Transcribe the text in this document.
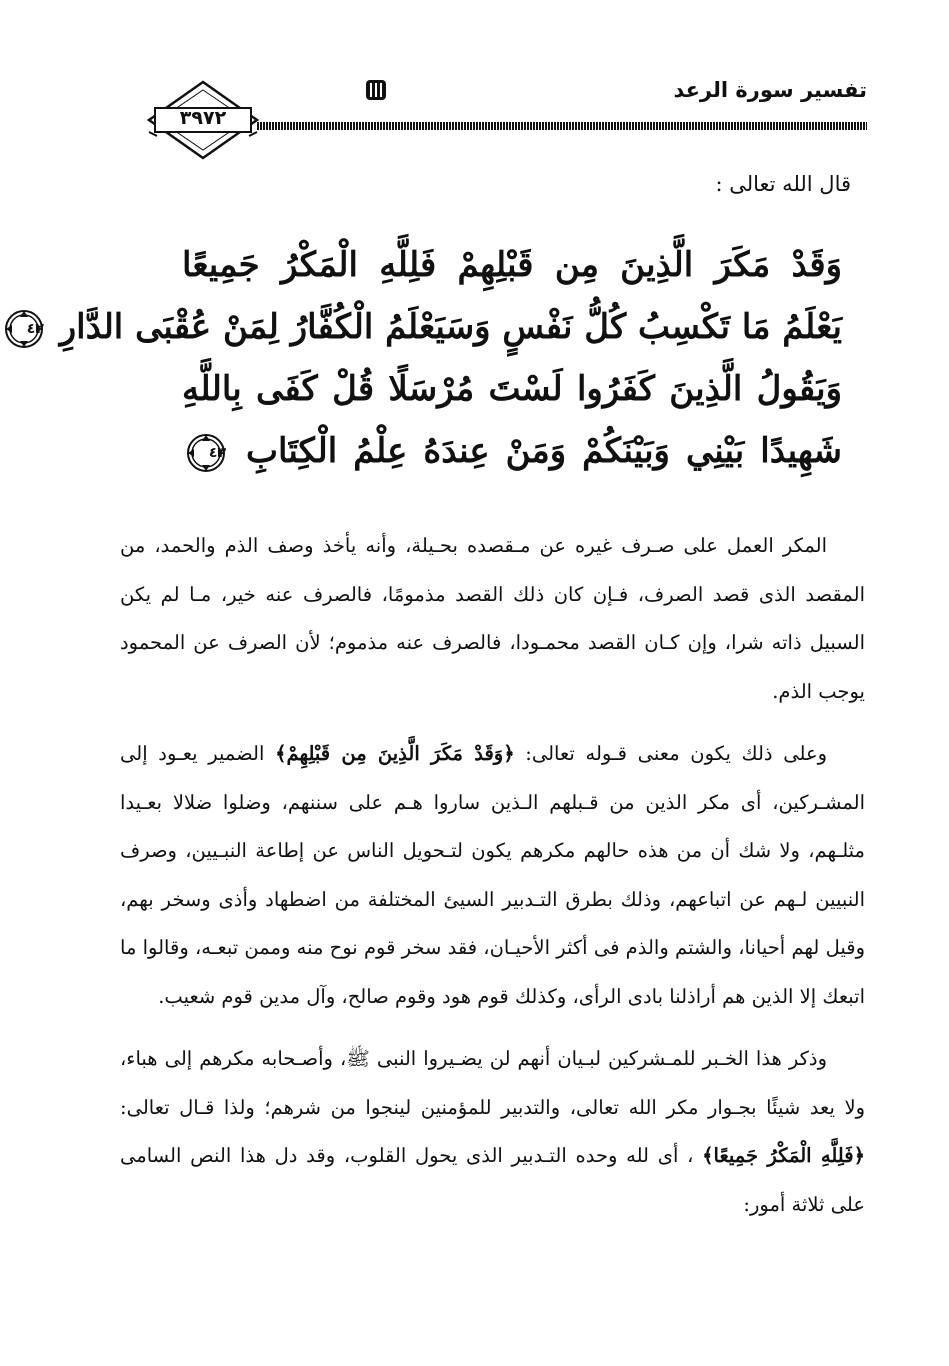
تفسير سورة الرعد
٣٩٧٢
قال الله تعالى :
وَقَدْ مَكَرَ الَّذِينَ مِن قَبْلِهِمْ فَلِلَّهِ الْمَكْرُ جَمِيعًا
يَعْلَمُ مَا تَكْسِبُ كُلُّ نَفْسٍ وَسَيَعْلَمُ الْكُفَّارُ لِمَنْ عُقْبَى الدَّارِ
٤٢
وَيَقُولُ الَّذِينَ كَفَرُوا لَسْتَ مُرْسَلًا قُلْ كَفَى بِاللَّهِ
شَهِيدًا بَيْنِي وَبَيْنَكُمْ وَمَنْ عِندَهُ عِلْمُ الْكِتَابِ
٤٣

المكر العمل على صـرف غيره عن مـقصده بحـيلة، وأنه يأخذ وصف الذم والحمد، من المقصد الذى قصد الصرف، فـإن كان ذلك القصد مذمومًا، فالصرف عنه خير، مـا لم يكن السبيل ذاته شرا، وإن كـان القصد محمـودا، فالصرف عنه مذموم؛ لأن الصرف عن المحمود يوجب الذم.

وعلى ذلك يكون معنى قـوله تعالى: ﴿وَقَدْ مَكَرَ الَّذِينَ مِن قَبْلِهِمْ﴾ الضمير يعـود إلى المشـركين، أى مكر الذين من قـبلهم الـذين ساروا هـم على سننهم، وضلوا ضلالا بعـيدا مثلـهم، ولا شك أن من هذه حالهم مكرهم يكون لتـحويل الناس عن إطاعة النبـيين، وصرف النبيين لـهم عن اتباعهم، وذلك بطرق التـدبير السيئ المختلفة من اضطهاد وأذى وسخر بهم، وقيل لهم أحيانا، والشتم والذم فى أكثر الأحيـان، فقد سخر قوم نوح منه وممن تبعـه، وقالوا ما اتبعك إلا الذين هم أراذلنا بادى الرأى، وكذلك قوم هود وقوم صالح، وآل مدين قوم شعيب.

وذكر هذا الخـبر للمـشركين لبـيان أنهم لن يضـيروا النبى ﷺ، وأصـحابه مكرهم إلى هباء، ولا يعد شيئًا بجـوار مكر الله تعالى، والتدبير للمؤمنين لينجوا من شرهم؛ ولذا قـال تعالى: ﴿فَلِلَّهِ الْمَكْرُ جَمِيعًا﴾ ، أى لله وحده التـدبير الذى يحول القلوب، وقد دل هذا النص السامى على ثلاثة أمور:
